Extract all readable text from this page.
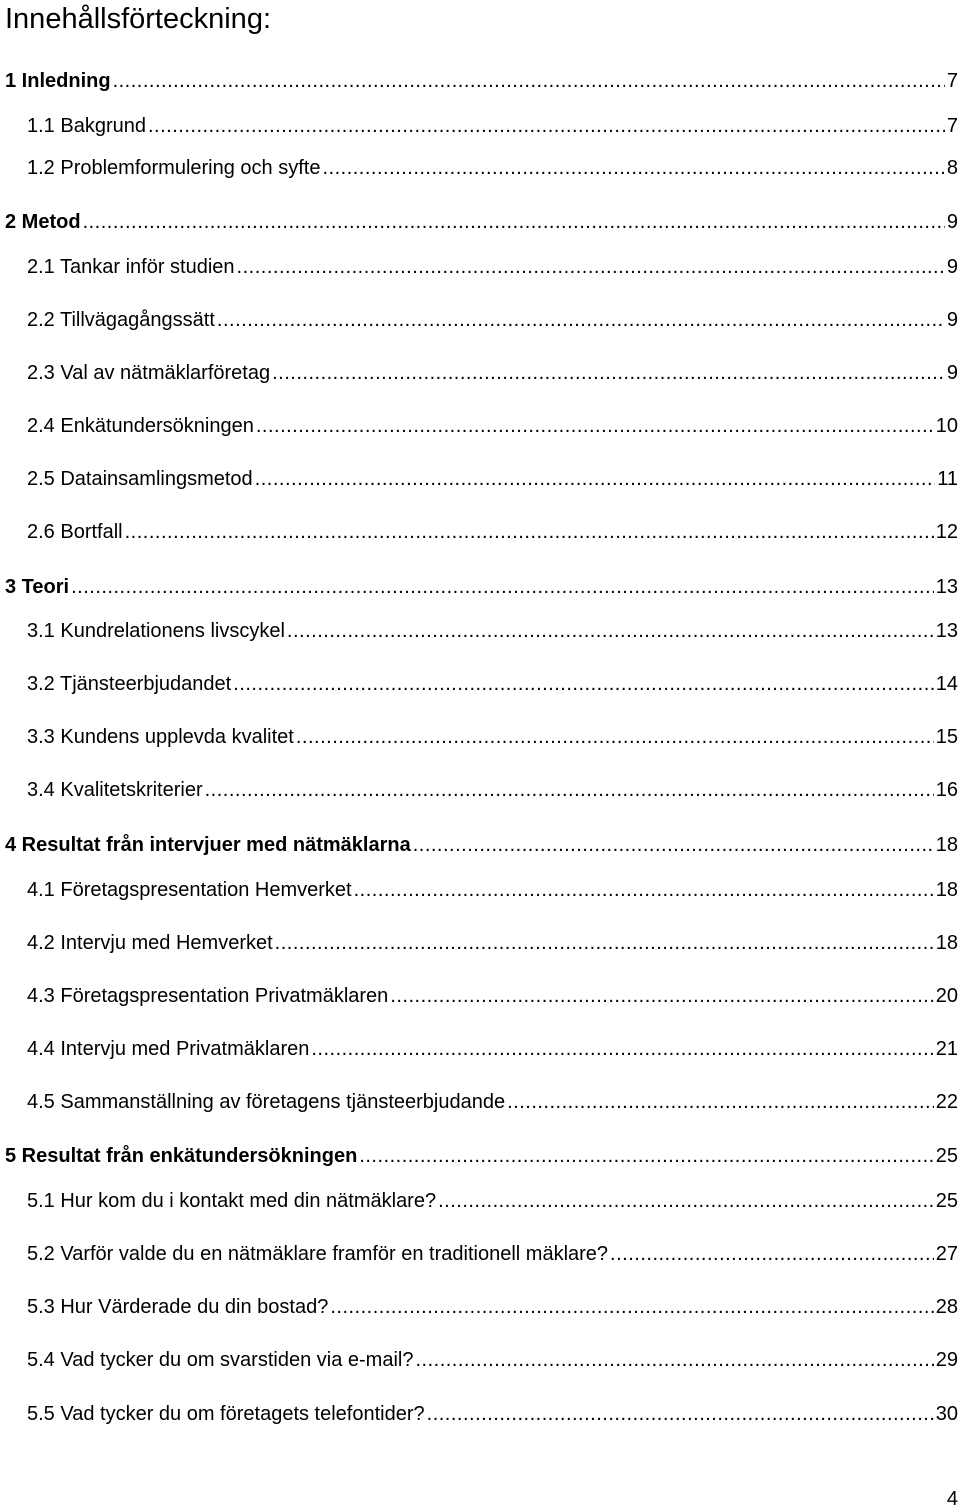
Innehållsförteckning:
1 Inledning .....	7
1.1 Bakgrund .....	7
1.2 Problemformulering och syfte .....	8
2 Metod .....	9
2.1 Tankar inför studien .....	9
2.2 Tillvägagångssätt .....	9
2.3 Val av nätmäklarföretag .....	9
2.4 Enkätundersökningen .....	10
2.5 Datainsamlingsmetod .....	11
2.6 Bortfall .....	12
3 Teori .....	13
3.1 Kundrelationens livscykel .....	13
3.2 Tjänsteerbjudandet .....	14
3.3 Kundens upplevda kvalitet .....	15
3.4 Kvalitetskriterier .....	16
4 Resultat från intervjuer med nätmäklarna .....	18
4.1 Företagspresentation Hemverket .....	18
4.2 Intervju med Hemverket .....	18
4.3 Företagspresentation Privatmäklaren .....	20
4.4 Intervju med Privatmäklaren .....	21
4.5 Sammanställning av företagens tjänsteerbjudande .....	22
5 Resultat från enkätundersökningen .....	25
5.1 Hur kom du i kontakt med din nätmäklare? .....	25
5.2 Varför valde du en nätmäklare framför en traditionell mäklare? .....	27
5.3 Hur Värderade du din bostad? .....	28
5.4 Vad tycker du om svarstiden via e-mail? .....	29
5.5 Vad tycker du om företagets telefontider? .....	30
4
